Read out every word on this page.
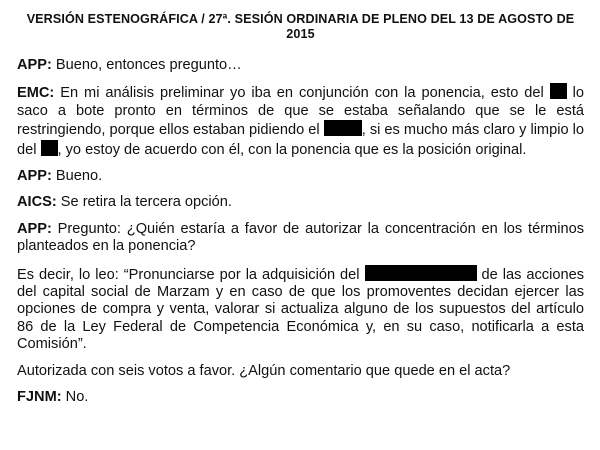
VERSIÓN ESTENOGRÁFICA / 27ª. SESIÓN ORDINARIA DE PLENO DEL 13 DE AGOSTO DE 2015

APP: Bueno, entonces pregunto…

EMC: En mi análisis preliminar yo iba en conjunción con la ponencia, esto del  lo saco a bote pronto en términos de que se estaba señalando que se le está restringiendo, porque ellos estaban pidiendo el	, si es mucho más claro y limpio lo del , yo estoy de acuerdo con él, con la ponencia que es la posición original.

APP: Bueno.

AICS: Se retira la tercera opción.

APP: Pregunto: ¿Quién estaría a favor de autorizar la concentración en los términos planteados en la ponencia?

Es decir, lo leo: “Pronunciarse por la adquisición del	de las acciones del capital social de Marzam y en caso de que los promoventes decidan ejercer las opciones de compra y venta, valorar si actualiza alguno de los supuestos del artículo 86 de la Ley Federal de Competencia Económica y, en su caso, notificarla a esta Comisión”.

Autorizada con seis votos a favor. ¿Algún comentario que quede en el acta?

FJNM: No.
